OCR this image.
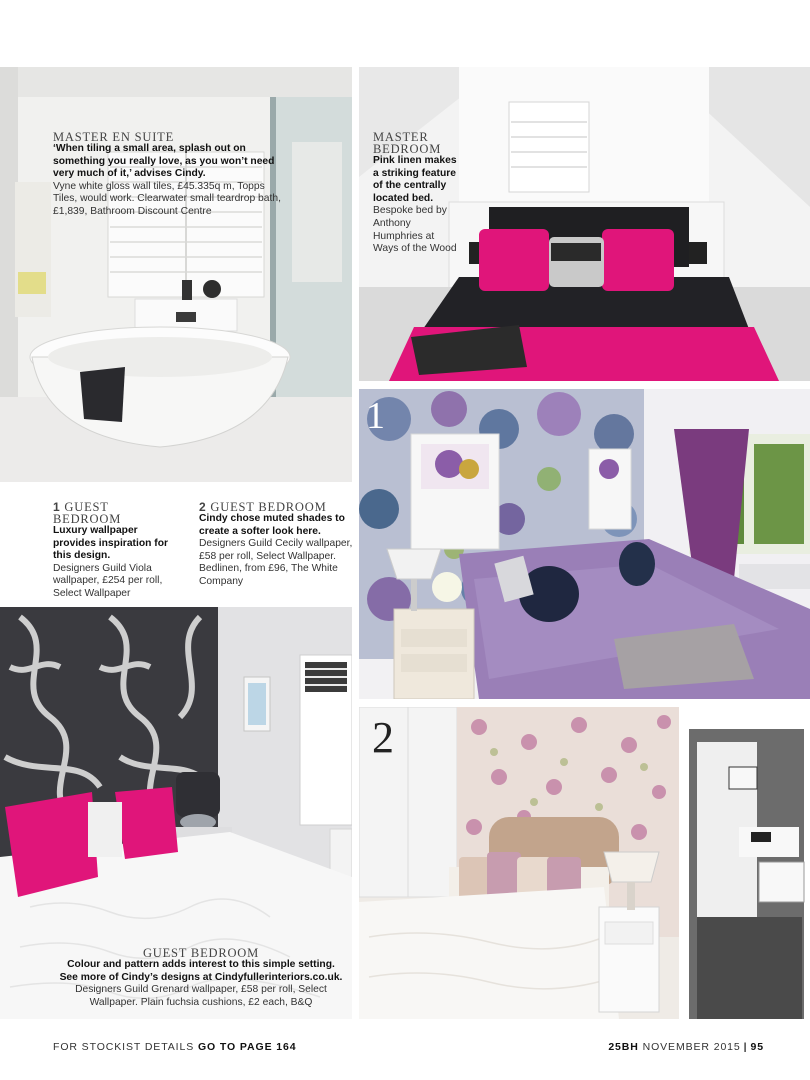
MASTER EN SUITE
‘When tiling a small area, splash out on something you really love, as you won’t need very much of it,’ advises Cindy.
Vyne white gloss wall tiles, £45.335q m, Topps Tiles, would work. Clearwater small teardrop bath, £1,839, Bathroom Discount Centre
MASTER
BEDROOM
Pink linen makes a striking feature of the centrally located bed.
Bespoke bed by Anthony Humphries at Ways of the Wood
1 GUEST
BEDROOM
Luxury wallpaper provides inspiration for this design.
Designers Guild Viola wallpaper, £254 per roll, Select Wallpaper
2 GUEST BEDROOM
Cindy chose muted shades to create a softer look here.
Designers Guild Cecily wallpaper, £58 per roll, Select Wallpaper. Bedlinen, from £96, The White Company
GUEST BEDROOM
Colour and pattern adds interest to this simple setting. See more of Cindy’s designs at Cindyfullerinteriors.co.uk.
Designers Guild Grenard wallpaper, £58 per roll, Select Wallpaper. Plain fuchsia cushions, £2 each, B&Q
1
2
FOR STOCKIST DETAILS GO TO PAGE 164	25BH NOVEMBER 2015 | 95
